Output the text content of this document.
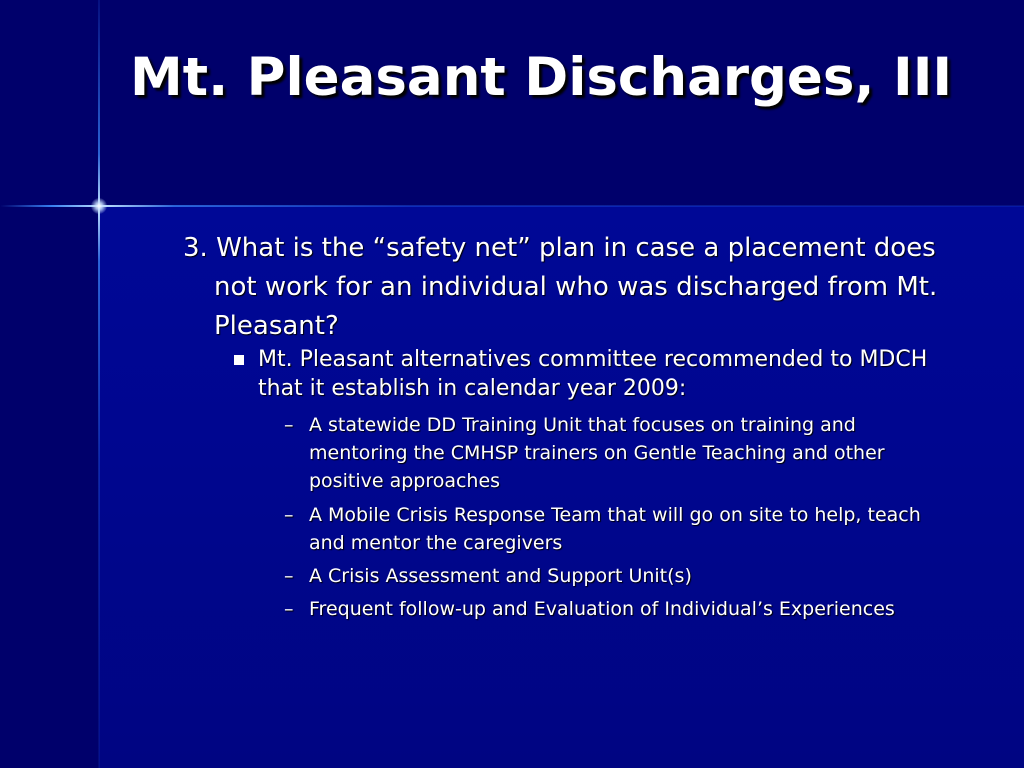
Mt. Pleasant Discharges, III
3. What is the “safety net” plan in case a placement does not work for an individual who was discharged from Mt. Pleasant?
Mt. Pleasant alternatives committee recommended to MDCH that it establish in calendar year 2009:
– A statewide DD Training Unit that focuses on training and mentoring the CMHSP trainers on Gentle Teaching and other positive approaches
– A Mobile Crisis Response Team that will go on site to help, teach and mentor the caregivers
– A Crisis Assessment and Support Unit(s)
– Frequent follow-up and Evaluation of Individual’s Experiences
